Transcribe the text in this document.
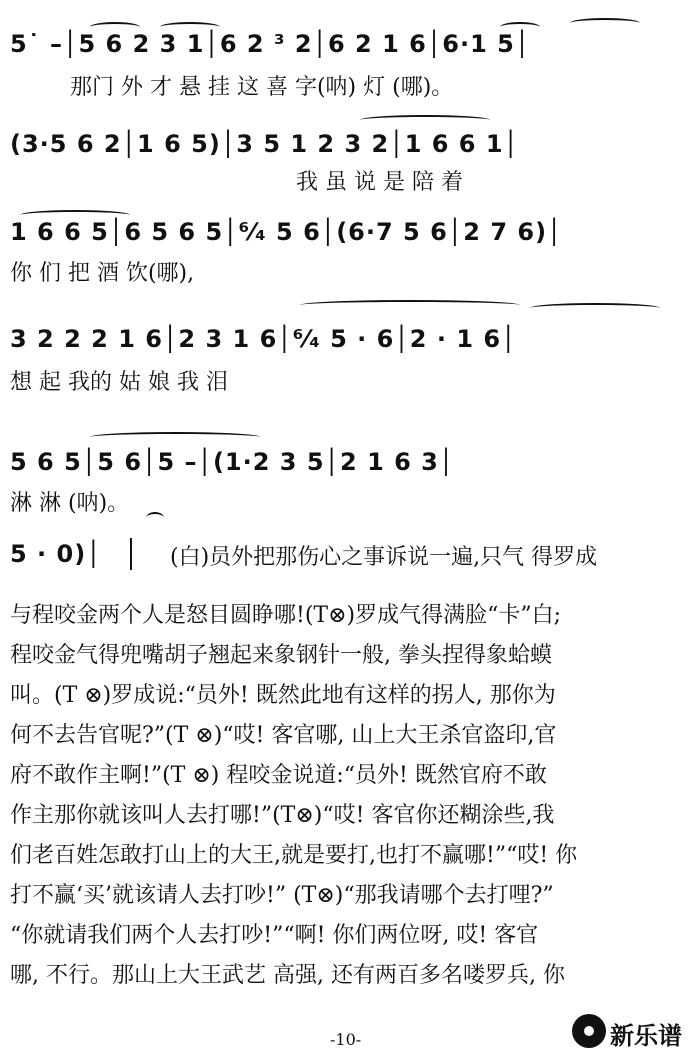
5˙ –│5 6 2 3 1│6 2 ³ 2│6 2 1 6│6·1 5│
那门 外 才 悬 挂 这 喜 字(呐) 灯 (哪)。
(3·5 6 2│1 6 5)│3 5 1 2 3 2│1 6 6 1│
我 虽 说 是 陪 着
1 6 6 5│6 5 6 5│⁶⁄₄ 5 6│(6·7 5 6│2 7 6)│
你 们 把 酒 饮(哪),
3 2 2 2 1 6│2 3 1 6│⁶⁄₄ 5 · 6│2 · 1 6│
想 起 我的 姑 娘 我 泪
5 6 5│5 6│5 –│(1·2 3 5│2 1 6 3│
淋 淋 (呐)。
5 · 0)│	(白)员外把那伤心之事诉说一遍,只气 得罗成
与程咬金两个人是怒目圆睁哪!(T⊗)罗成气得满脸“卡”白;
程咬金气得兜嘴胡子翘起来象钢针一般, 拳头捏得象蛤蟆
叫。(T ⊗)罗成说:“员外! 既然此地有这样的拐人, 那你为
何不去告官呢?”(T ⊗)“哎! 客官哪, 山上大王杀官盗印,官
府不敢作主啊!”(T ⊗) 程咬金说道:“员外! 既然官府不敢
作主那你就该叫人去打哪!”(T⊗)“哎! 客官你还糊涂些,我
们老百姓怎敢打山上的大王,就是要打,也打不赢哪!”“哎! 你
打不赢‘买’就该请人去打吵!” (T⊗)“那我请哪个去打哩?”
“你就请我们两个人去打吵!”“啊! 你们两位呀, 哎! 客官
哪, 不行。那山上大王武艺 高强, 还有两百多名喽罗兵, 你
-10-	新乐谱
